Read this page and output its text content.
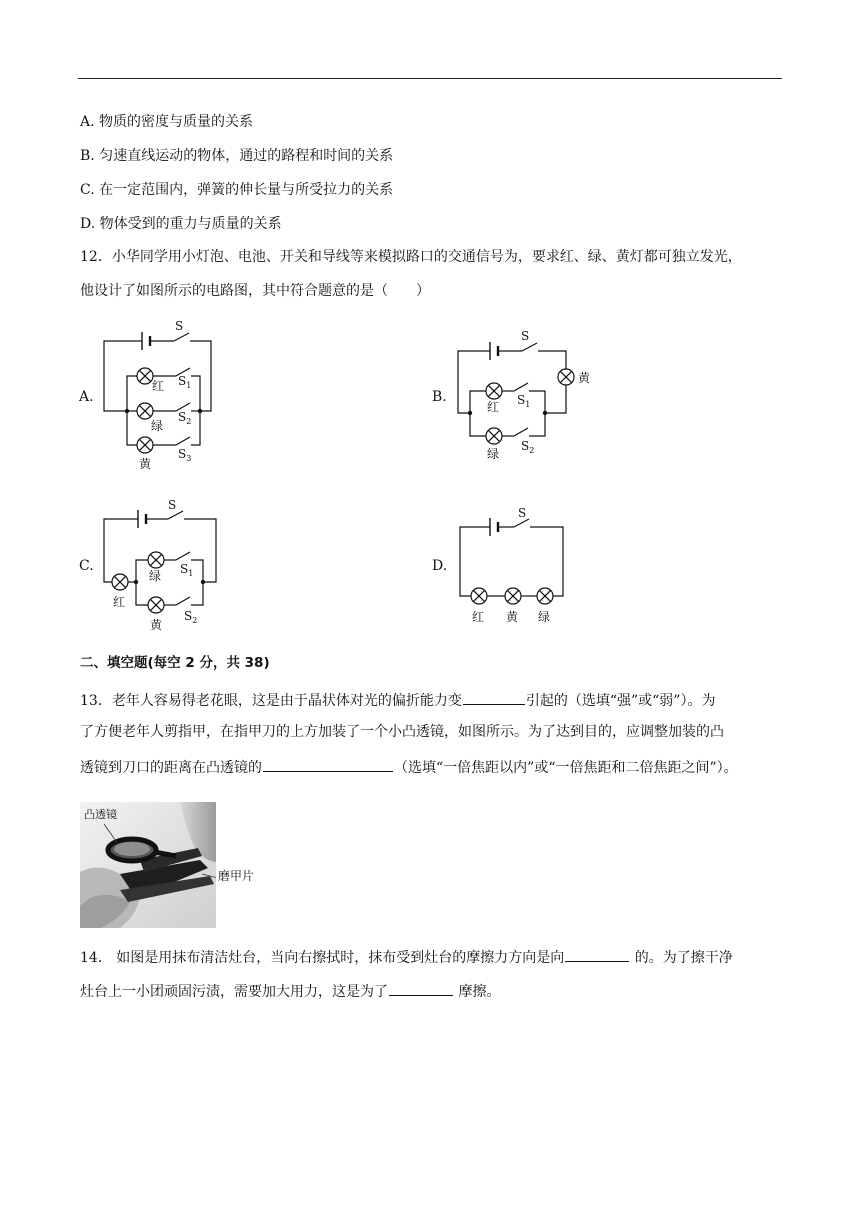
A. 物质的密度与质量的关系
B. 匀速直线运动的物体，通过的路程和时间的关系
C. 在一定范围内，弹簧的伸长量与所受拉力的关系
D. 物体受到的重力与质量的关系
12．小华同学用小灯泡、电池、开关和导线等来模拟路口的交通信号为，要求红、绿、黄灯都可独立发光，
他设计了如图所示的电路图，其中符合题意的是（　　）
A.	B.
C.	D.
S
红 $S_1$
绿
$S_2$
黄
$S_3$
S
红 $S_1$
绿
$S_2$
黄
S
绿 $S_1$
红
黄
$S_2$
S
红 黄 绿
二、填空题(每空 2 分，共 38)
13．老年人容易得老花眼，这是由于晶状体对光的偏折能力变	引起的（选填“强”或“弱”）。为
了方便老年人剪指甲，在指甲刀的上方加装了一个小凸透镜，如图所示。为了达到目的，应调整加装的凸
透镜到刀口的距离在凸透镜的	（选填“一倍焦距以内”或“一倍焦距和二倍焦距之间”）。
凸透镜
磨甲片
14． 如图是用抹布清洁灶台，当向右擦拭时，抹布受到灶台的摩擦力方向是向	的。为了擦干净
灶台上一小团顽固污渍，需要加大用力，这是为了	摩擦。
